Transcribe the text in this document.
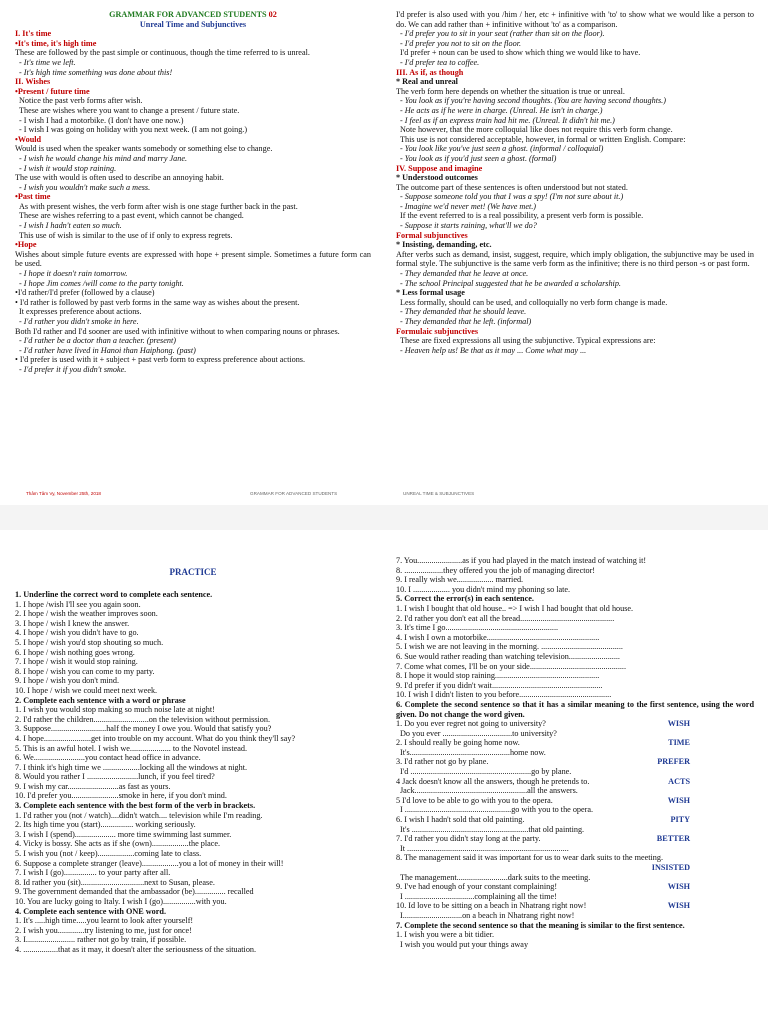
GRAMMAR FOR ADVANCED STUDENTS 02
Unreal Time and Subjunctives
I. It's time
•It's time, it's high time
These are followed by the past simple or continuous, though the time referred to is unreal.
- It's time we left.
- It's high time something was done about this!
II. Wishes
•Present / future time
Notice the past verb forms after wish.
These are wishes where you want to change a present / future state.
- I wish I had a motorbike. (I don't have one now.)
- I wish I was going on holiday with you next week. (I am not going.)
•Would
Would is used when the speaker wants somebody or something else to change.
- I wish he would change his mind and marry Jane.
- I wish it would stop raining.
The use with would is often used to describe an annoying habit.
- I wish you wouldn't make such a mess.
•Past time
As with present wishes, the verb form after wish is one stage further back in the past.
These are wishes referring to a past event, which cannot be changed.
- I wish I hadn't eaten so much.
This use of wish is similar to the use of if only to express regrets.
•Hope
Wishes about simple future events are expressed with hope + present simple. Sometimes a future form can be used.
- I hope it doesn't rain tomorrow.
- I hope Jim comes /will come to the party tonight.
•I'd rather/I'd prefer (followed by a clause)
• I'd rather is followed by past verb forms in the same way as wishes about the present.
It expresses preference about actions.
- I'd rather you didn't smoke in here.
Both I'd rather and I'd sooner are used with infinitive without to when comparing nouns or phrases.
- I'd rather be a doctor than a teacher. (present)
- I'd rather have lived in Hanoi than Haiphong. (past)
• I'd prefer is used with it + subject + past verb form to express preference about actions.
- I'd prefer it if you didn't smoke.
I'd prefer is also used with you /him / her, etc + infinitive with 'to' to show what we would like a person to do. We can add rather than + infinitive without 'to' as a comparison.
- I'd prefer you to sit in your seat (rather than sit on the floor).
- I'd prefer you not to sit on the floor.
I'd prefer + noun can be used to show which thing we would like to have.
- I'd prefer tea to coffee.
III. As if, as though
* Real and unreal
The verb form here depends on whether the situation is true or unreal.
- You look as if you're having second thoughts. (You are having second thoughts.)
- He acts as if he were in charge. (Unreal. He isn't in charge.)
- I feel as if an express train had hit me. (Unreal. It didn't hit me.)
Note however, that the more colloquial like does not require this verb form change.
This use is not considered acceptable, however, in formal or written English. Compare:
- You look like you've just seen a ghost. (informal / colloquial)
- You look as if you'd just seen a ghost. (formal)
IV. Suppose and imagine
* Understood outcomes
The outcome part of these sentences is often understood but not stated.
- Suppose someone told you that I was a spy! (I'm not sure about it.)
- Imagine we'd never met! (We have met.)
If the event referred to is a real possibility, a present verb form is possible.
- Suppose it starts raining, what'll we do?
Formal subjunctives
* Insisting, demanding, etc.
After verbs such as demand, insist, suggest, require, which imply obligation, the subjunctive may be used in formal style. The subjunctive is the same verb form as the infinitive; there is no third person -s or past form.
- They demanded that he leave at once.
- The school Principal suggested that he be awarded a scholarship.
* Less formal usage
Less formally, should can be used, and colloquially no verb form change is made.
- They demanded that he should leave.
- They demanded that he left. (informal)
Formulaic subjunctives
These are fixed expressions all using the subjunctive. Typical expressions are:
- Heaven help us! Be that as it may ... Come what may ...
Thâm Tâm Vy, November 25th, 2018	GRAMMAR FOR ADVANCED STUDENTS	UNREAL TIME & SUBJUNCTIVES
PRACTICE
1. Underline the correct word to complete each sentence.
1. I hope /wish I'll see you again soon.
2. I hope / wish the weather improves soon.
3. I hope / wish I knew the answer.
4. I hope / wish you didn't have to go.
5. I hope / wish you'd stop shouting so much.
6. I hope / wish nothing goes wrong.
7. I hope / wish it would stop raining.
8. I hope / wish you can come to my party.
9. I hope / wish you don't mind.
10. I hope / wish we could meet next week.
2. Complete each sentence with a word or phrase
1. I wish you would stop making so much noise late at night!
2. I'd rather the children...........................on the television without permission.
3. Suppose...........................half the money I owe you. Would that satisfy you?
4. I hope.......................get into trouble on my account. What do you think they'll say?
5. This is an awful hotel. I wish we.................... to the Novotel instead.
6. We.........................you contact head office in advance.
7. I think it's high time we ..................locking all the windows at night.
8. Would you rather I .........................lunch, if you feel tired?
9. I wish my car.........................as fast as yours.
10. I'd prefer you.......................smoke in here, if you don't mind.
3. Complete each sentence with the best form of the verb in brackets.
1. I'd rather you (not / watch)....didn't watch.... television while I'm reading.
2. Its high time you (start)................ working seriously.
3. I wish I (spend).................... more time swimming last summer.
4. Vicky is bossy. She acts as if she (own)..................the place.
5. I wish you (not / keep)..................coming late to class.
6. Suppose a complete stranger (leave)..................you a lot of money in their will!
7. I wish I (go)................ to your party after all.
8. Id rather you (sit)...............................next to Susan, please.
9. The government demanded that the ambassador (be)............... recalled
10. You are lucky going to Italy. I wish I (go)................with you.
4. Complete each sentence with ONE word.
1. It's .....high time.....you learnt to look after yourself!
2. I wish you.............try listening to me, just for once!
3. I........................ rather not go by train, if possible.
4. .................that as it may, it doesn't alter the seriousness of the situation.
7. You......................as if you had played in the match instead of watching it!
8. ...................they offered you the job of managing director!
9. I really wish we.................. married.
10. I .................. you didn't mind my phoning so late.
5. Correct the error(s) in each sentence.
1. I wish I bought that old house.. => I wish I had bought that old house.
2. I'd rather you don't eat all the bread..............................................
3. It's time I go.......................................................
4. I wish I own a motorbike.......................................................
5. I wish we are not leaving in the morning. ........................................
6. Sue would rather reading than watching television.........................
7. Come what comes, I'll be on your side...............................................
8. I hope it would stop raining...................................................
9. I'd prefer if you didn't wait......................................................
10. I wish I didn't listen to you before.............................................
6. Complete the second sentence so that it has a similar meaning to the first sentence, using the word given. Do not change the word given.
1. Do you ever regret not going to university?	WISH
Do you ever ..................................to university?
2. I should really be going home now.	TIME
It's.................................................home now.
3. I'd rather not go by plane.	PREFER
I'd ...........................................................go by plane.
4 Jack doesn't know all the answers, though he pretends to.	ACTS
Jack.......................................................all the answers.
5 I'd love to be able to go with you to the opera.	WISH
I ....................................................go with you to the opera.
6. I wish I hadn't sold that old painting.	PITY
It's .........................................................that old painting.
7. I'd rather you didn't stay long at the party.	BETTER
It ...............................................................................
8. The management said it was important for us to wear dark suits to the meeting.
INSISTED
The management.........................dark suits to the meeting.
9. I've had enough of your constant complaining!	WISH
I ..................................complaining all the time!
10. Id love to be sitting on a beach in Nhatrang right now!	WISH
I.............................on a beach in Nhatrang right now!
7. Complete the second sentence so that the meaning is similar to the first sentence.
1. I wish you were a bit tidier.
I wish you would put your things away
